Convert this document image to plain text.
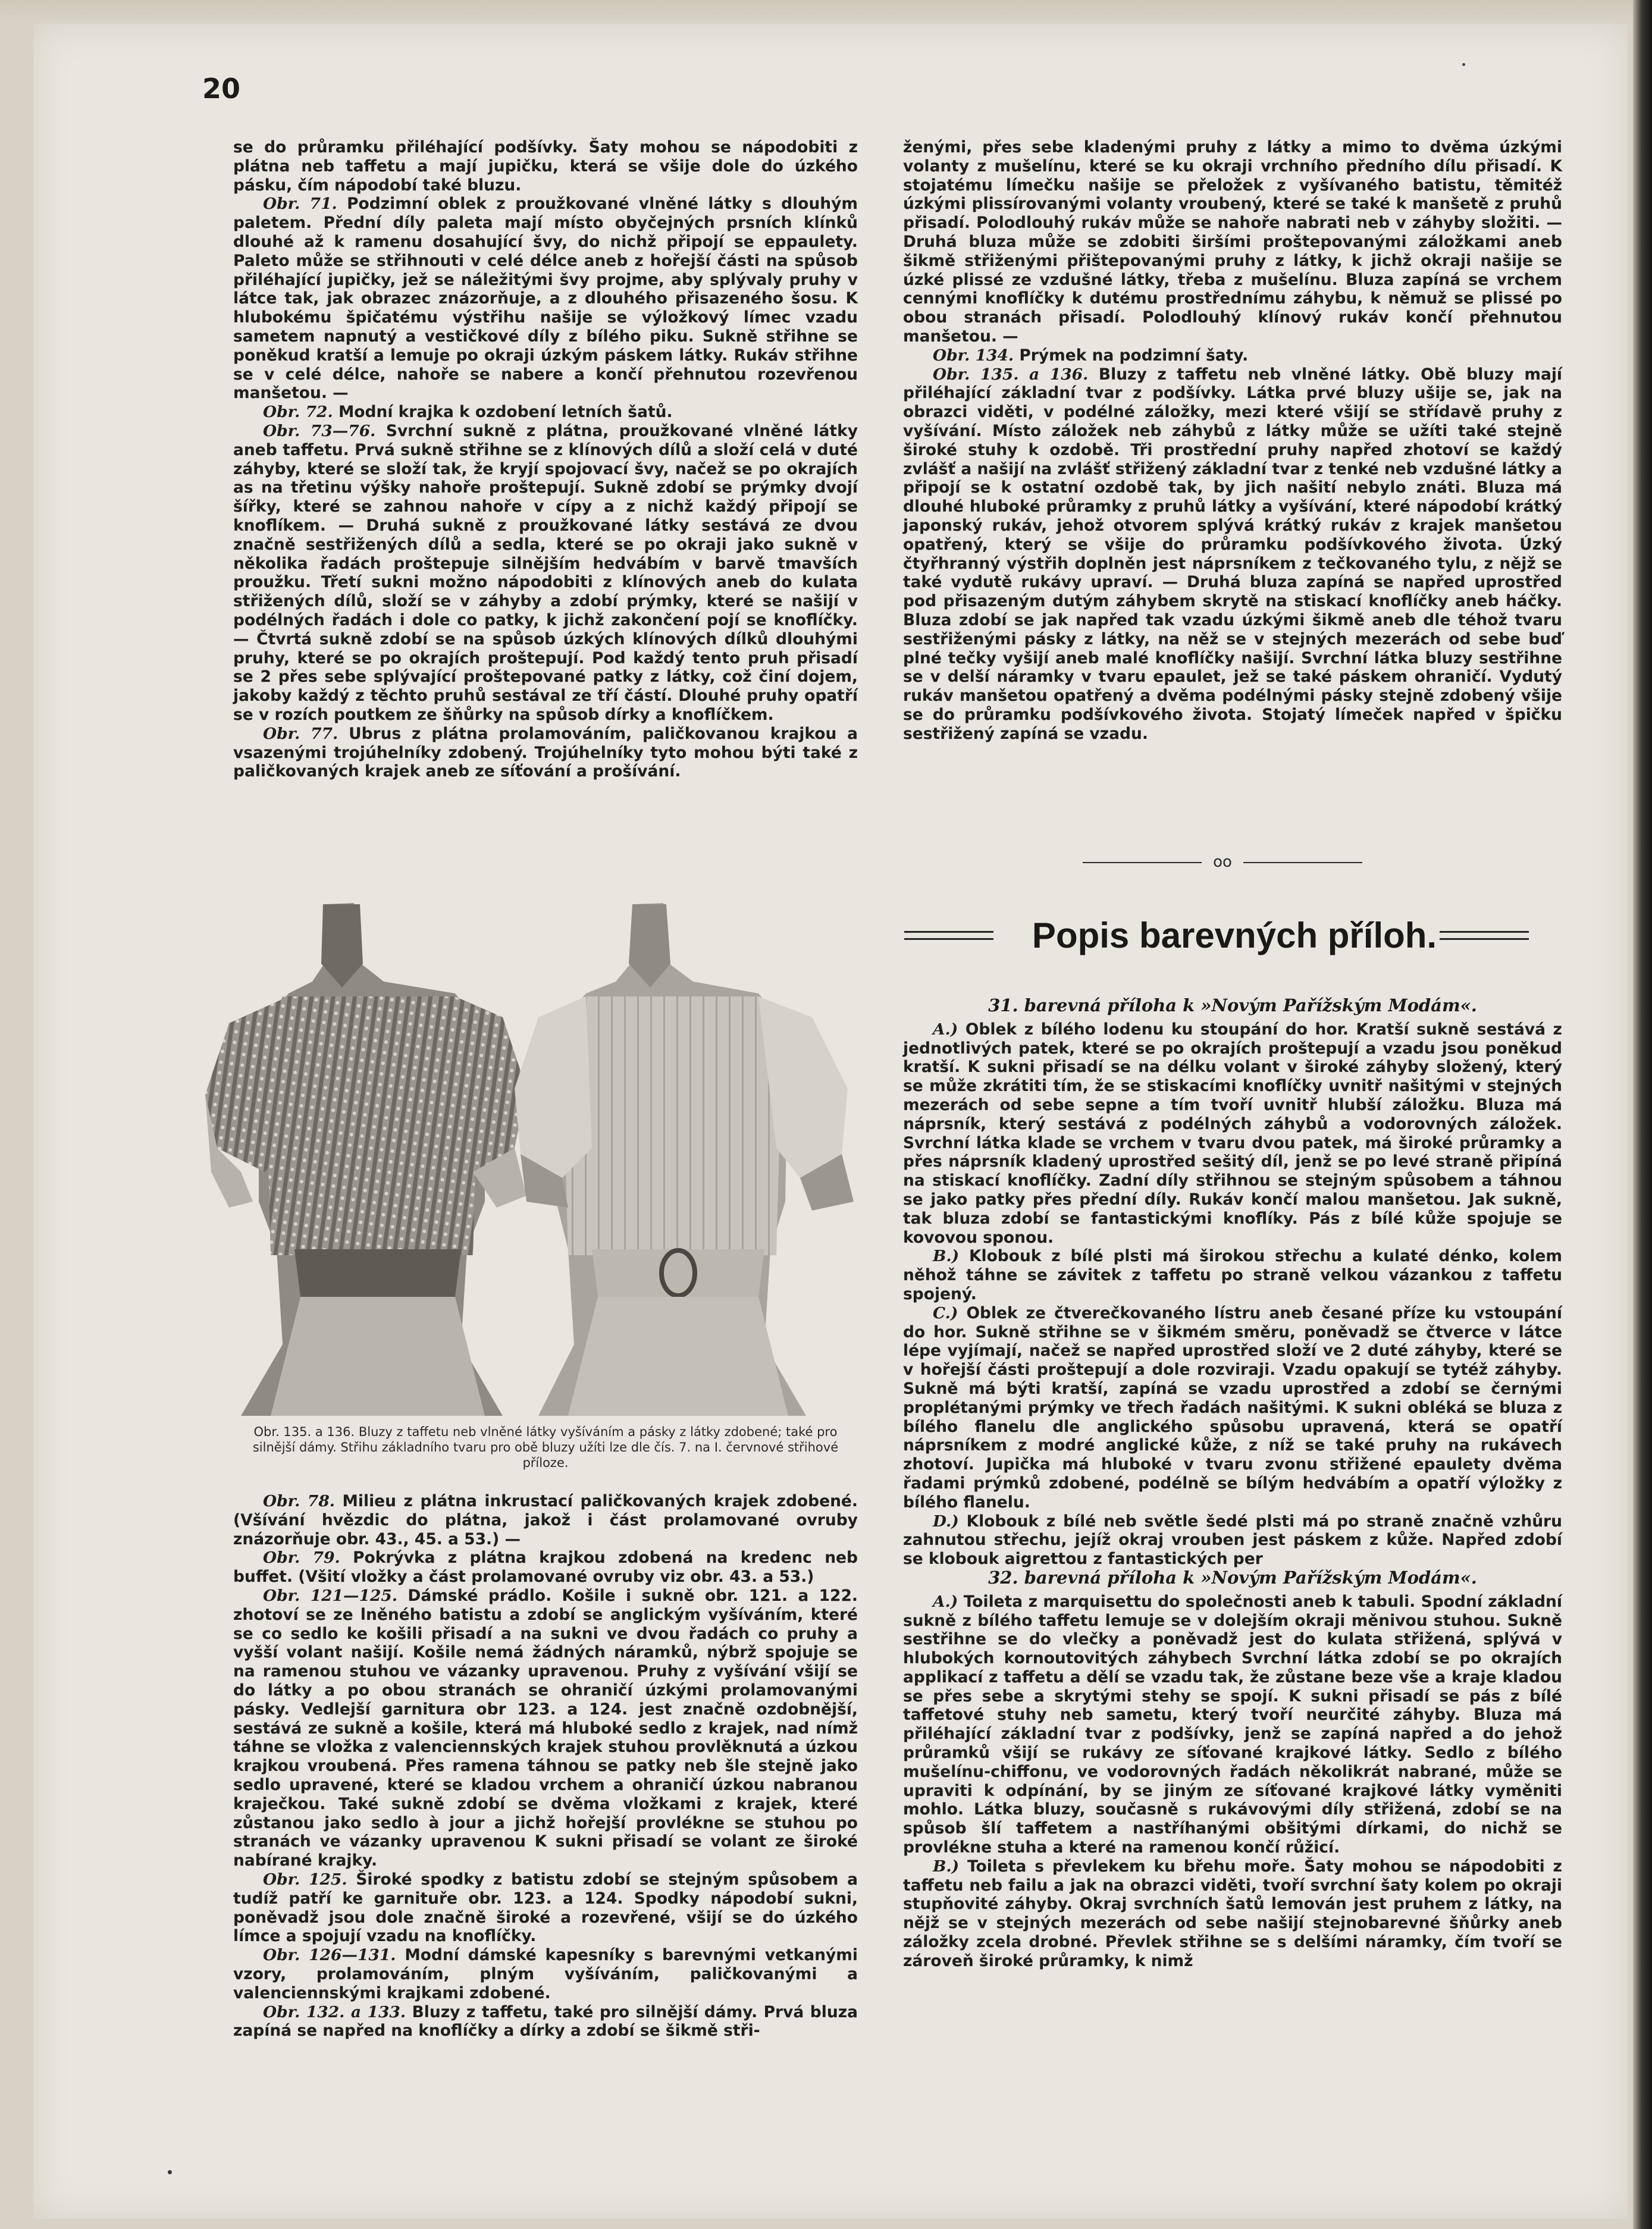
20

se do průramku přiléhající podšívky. Šaty mohou se nápodobiti z plátna neb taffetu a mají jupičku, která se všije dole do úzkého pásku, čím nápodobí také bluzu.

Obr. 71. Podzimní oblek z proužkované vlněné látky s dlouhým paletem. Přední díly paleta mají místo obyčejných prsních klínků dlouhé až k ramenu dosahující švy, do nichž připojí se eppaulety. Paleto může se střihnouti v celé délce aneb z hořejší části na spůsob přiléhající jupičky, jež se náležitými švy projme, aby splývaly pruhy v látce tak, jak obrazec znázorňuje, a z dlouhého přisazeného šosu. K hlubokému špičatému výstřihu našije se výložkový límec vzadu sametem napnutý a vestičkové díly z bílého piku. Sukně střihne se poněkud kratší a lemuje po okraji úzkým páskem látky. Rukáv střihne se v celé délce, nahoře se nabere a končí přehnutou rozevřenou manšetou. —

Obr. 72. Modní krajka k ozdobení letních šatů.

Obr. 73—76. Svrchní sukně z plátna, proužkované vlněné látky aneb taffetu. Prvá sukně střihne se z klínových dílů a složí celá v duté záhyby, které se složí tak, že kryjí spojovací švy, načež se po okrajích as na třetinu výšky nahoře proštepují. Sukně zdobí se prýmky dvojí šířky, které se zahnou nahoře v cípy a z nichž každý připojí se knoflíkem. — Druhá sukně z proužkované látky sestává ze dvou značně sestřižených dílů a sedla, které se po okraji jako sukně v několika řadách proštepuje silnějším hedvábím v barvě tmavších proužku. Třetí sukni možno nápodobiti z klínových aneb do kulata střižených dílů, složí se v záhyby a zdobí prýmky, které se našijí v podélných řadách i dole co patky, k jichž zakončení pojí se knoflíčky. — Čtvrtá sukně zdobí se na spůsob úzkých klínových dílků dlouhými pruhy, které se po okrajích proštepují. Pod každý tento pruh přisadí se 2 přes sebe splývající proštepované patky z látky, což činí dojem, jakoby každý z těchto pruhů sestával ze tří částí. Dlouhé pruhy opatří se v rozích poutkem ze šňůrky na spůsob dírky a knoflíčkem.

Obr. 77. Ubrus z plátna prolamováním, paličkovanou krajkou a vsazenými trojúhelníky zdobený. Trojúhelníky tyto mohou býti také z paličkovaných krajek aneb ze síťování a prošívání.

Obr. 135. a 136. Bluzy z taffetu neb vlněné látky vyšíváním a pásky z látky zdobené; také pro silnější dámy. Střihu základního tvaru pro obě bluzy užíti lze dle čís. 7. na I. červnové střihové příloze.

Obr. 78. Milieu z plátna inkrustací paličkovaných krajek zdobené. (Všívání hvězdic do plátna, jakož i část prolamované ovruby znázorňuje obr. 43., 45. a 53.) —

Obr. 79. Pokrývka z plátna krajkou zdobená na kredenc neb buffet. (Všití vložky a část prolamované ovruby viz obr. 43. a 53.)

Obr. 121—125. Dámské prádlo. Košile i sukně obr. 121. a 122. zhotoví se ze lněného batistu a zdobí se anglickým vyšíváním, které se co sedlo ke košili přisadí a na sukni ve dvou řadách co pruhy a vyšší volant našijí. Košile nemá žádných náramků, nýbrž spojuje se na ramenou stuhou ve vázanky upravenou. Pruhy z vyšívání všijí se do látky a po obou stranách se ohraničí úzkými prolamovanými pásky. Vedlejší garnitura obr 123. a 124. jest značně ozdobnější, sestává ze sukně a košile, která má hluboké sedlo z krajek, nad nímž táhne se vložka z valenciennských krajek stuhou provlěknutá a úzkou krajkou vroubená. Přes ramena táhnou se patky neb šle stejně jako sedlo upravené, které se kladou vrchem a ohraničí úzkou nabranou kraječkou. Také sukně zdobí se dvěma vložkami z krajek, které zůstanou jako sedlo à jour a jichž hořejší provlékne se stuhou po stranách ve vázanky upravenou K sukni přisadí se volant ze široké nabírané krajky.

Obr. 125. Široké spodky z batistu zdobí se stejným spůsobem a tudíž patří ke garnituře obr. 123. a 124. Spodky nápodobí sukni, poněvadž jsou dole značně široké a rozevřené, všijí se do úzkého límce a spojují vzadu na knoflíčky.

Obr. 126—131. Modní dámské kapesníky s barevnými vetkanými vzory, prolamováním, plným vyšíváním, paličkovanými a valenciennskými krajkami zdobené.

Obr. 132. a 133. Bluzy z taffetu, také pro silnější dámy. Prvá bluza zapíná se napřed na knoflíčky a dírky a zdobí se šikmě stři-

ženými, přes sebe kladenými pruhy z látky a mimo to dvěma úzkými volanty z mušelínu, které se ku okraji vrchního předního dílu přisadí. K stojatému límečku našije se přeložek z vyšívaného batistu, těmitéž úzkými plissírovanými volanty vroubený, které se také k manšetě z pruhů přisadí. Polodlouhý rukáv může se nahoře nabrati neb v záhyby složiti. — Druhá bluza může se zdobiti širšími proštepovanými záložkami aneb šikmě střiženými přištepovanými pruhy z látky, k jichž okraji našije se úzké plissé ze vzdušné látky, třeba z mušelínu. Bluza zapíná se vrchem cennými knoflíčky k dutému prostřednímu záhybu, k němuž se plissé po obou stranách přisadí. Polodlouhý klínový rukáv končí přehnutou manšetou. —

Obr. 134. Prýmek na podzimní šaty.

Obr. 135. a 136. Bluzy z taffetu neb vlněné látky. Obě bluzy mají přiléhající základní tvar z podšívky. Látka prvé bluzy ušije se, jak na obrazci viděti, v podélné záložky, mezi které všijí se střídavě pruhy z vyšívání. Místo záložek neb záhybů z látky může se užíti také stejně široké stuhy k ozdobě. Tři prostřední pruhy napřed zhotoví se každý zvlášť a našijí na zvlášť střižený základní tvar z tenké neb vzdušné látky a připojí se k ostatní ozdobě tak, by jich našití nebylo znáti. Bluza má dlouhé hluboké průramky z pruhů látky a vyšívání, které nápodobí krátký japonský rukáv, jehož otvorem splývá krátký rukáv z krajek manšetou opatřený, který se všije do průramku podšívkového života. Úzký čtyřhranný výstřih doplněn jest náprsníkem z tečkovaného tylu, z nějž se také vydutě rukávy upraví. — Druhá bluza zapíná se napřed uprostřed pod přisazeným dutým záhybem skrytě na stiskací knoflíčky aneb háčky. Bluza zdobí se jak napřed tak vzadu úzkými šikmě aneb dle téhož tvaru sestřiženými pásky z látky, na něž se v stejných mezerách od sebe buď plné tečky vyšijí aneb malé knoflíčky našijí. Svrchní látka bluzy sestřihne se v delší náramky v tvaru epaulet, jež se také páskem ohraničí. Vydutý rukáv manšetou opatřený a dvěma podélnými pásky stejně zdobený všije se do průramku podšívkového života. Stojatý límeček napřed v špičku sestřižený zapíná se vzadu.

oo
Popis barevných příloh.
31. barevná příloha k »Novým Pařížským Modám«.

A.) Oblek z bílého lodenu ku stoupání do hor. Kratší sukně sestává z jednotlivých patek, které se po okrajích proštepují a vzadu jsou poněkud kratší. K sukni přisadí se na délku volant v široké záhyby složený, který se může zkrátiti tím, že se stiskacími knoflíčky uvnitř našitými v stejných mezerách od sebe sepne a tím tvoří uvnitř hlubší záložku. Bluza má náprsník, který sestává z podélných záhybů a vodorovných záložek. Svrchní látka klade se vrchem v tvaru dvou patek, má široké průramky a přes náprsník kladený uprostřed sešitý díl, jenž se po levé straně připíná na stiskací knoflíčky. Zadní díly střihnou se stejným spůsobem a táhnou se jako patky přes přední díly. Rukáv končí malou manšetou. Jak sukně, tak bluza zdobí se fantastickými knoflíky. Pás z bílé kůže spojuje se kovovou sponou.

B.) Klobouk z bílé plsti má širokou střechu a kulaté dénko, kolem něhož táhne se závitek z taffetu po straně velkou vázankou z taffetu spojený.

C.) Oblek ze čtverečkovaného lístru aneb česané příze ku vstoupání do hor. Sukně střihne se v šikmém směru, poněvadž se čtverce v látce lépe vyjímají, načež se napřed uprostřed složí ve 2 duté záhyby, které se v hořejší části proštepují a dole rozviraji. Vzadu opakují se tytéž záhyby. Sukně má býti kratší, zapíná se vzadu uprostřed a zdobí se černými proplétanými prýmky ve třech řadách našitými. K sukni obléká se bluza z bílého flanelu dle anglického spůsobu upravená, která se opatří náprsníkem z modré anglické kůže, z níž se také pruhy na rukávech zhotoví. Jupička má hluboké v tvaru zvonu střižené epaulety dvěma řadami prýmků zdobené, podélně se bílým hedvábím a opatří výložky z bílého flanelu.

D.) Klobouk z bílé neb světle šedé plsti má po straně značně vzhůru zahnutou střechu, jejíž okraj vrouben jest páskem z kůže. Napřed zdobí se klobouk aigrettou z fantastických per

32. barevná příloha k »Novým Pařížským Modám«.

A.) Toileta z marquisettu do společnosti aneb k tabuli. Spodní základní sukně z bílého taffetu lemuje se v dolejším okraji měnivou stuhou. Sukně sestřihne se do vlečky a poněvadž jest do kulata střižená, splývá v hlubokých kornoutovitých záhybech Svrchní látka zdobí se po okrajích applikací z taffetu a dělí se vzadu tak, že zůstane beze vše a kraje kladou se přes sebe a skrytými stehy se spojí. K sukni přisadí se pás z bílé taffetové stuhy neb sametu, který tvoří neurčité záhyby. Bluza má přiléhající základní tvar z podšívky, jenž se zapíná napřed a do jehož průramků všijí se rukávy ze síťované krajkové látky. Sedlo z bílého mušelínu-chiffonu, ve vodorovných řadách několikrát nabrané, může se upraviti k odpínání, by se jiným ze síťované krajkové látky vyměniti mohlo. Látka bluzy, současně s rukávovými díly střižená, zdobí se na spůsob šlí taffetem a nastříhanými obšitými dírkami, do nichž se provlékne stuha a které na ramenou končí růžicí.

B.) Toileta s převlekem ku břehu moře. Šaty mohou se nápodobiti z taffetu neb failu a jak na obrazci viděti, tvoří svrchní šaty kolem po okraji stupňovité záhyby. Okraj svrchních šatů lemován jest pruhem z látky, na nějž se v stejných mezerách od sebe našijí stejnobarevné šňůrky aneb záložky zcela drobné. Převlek střihne se s delšími náramky, čím tvoří se zároveň široké průramky, k nimž
